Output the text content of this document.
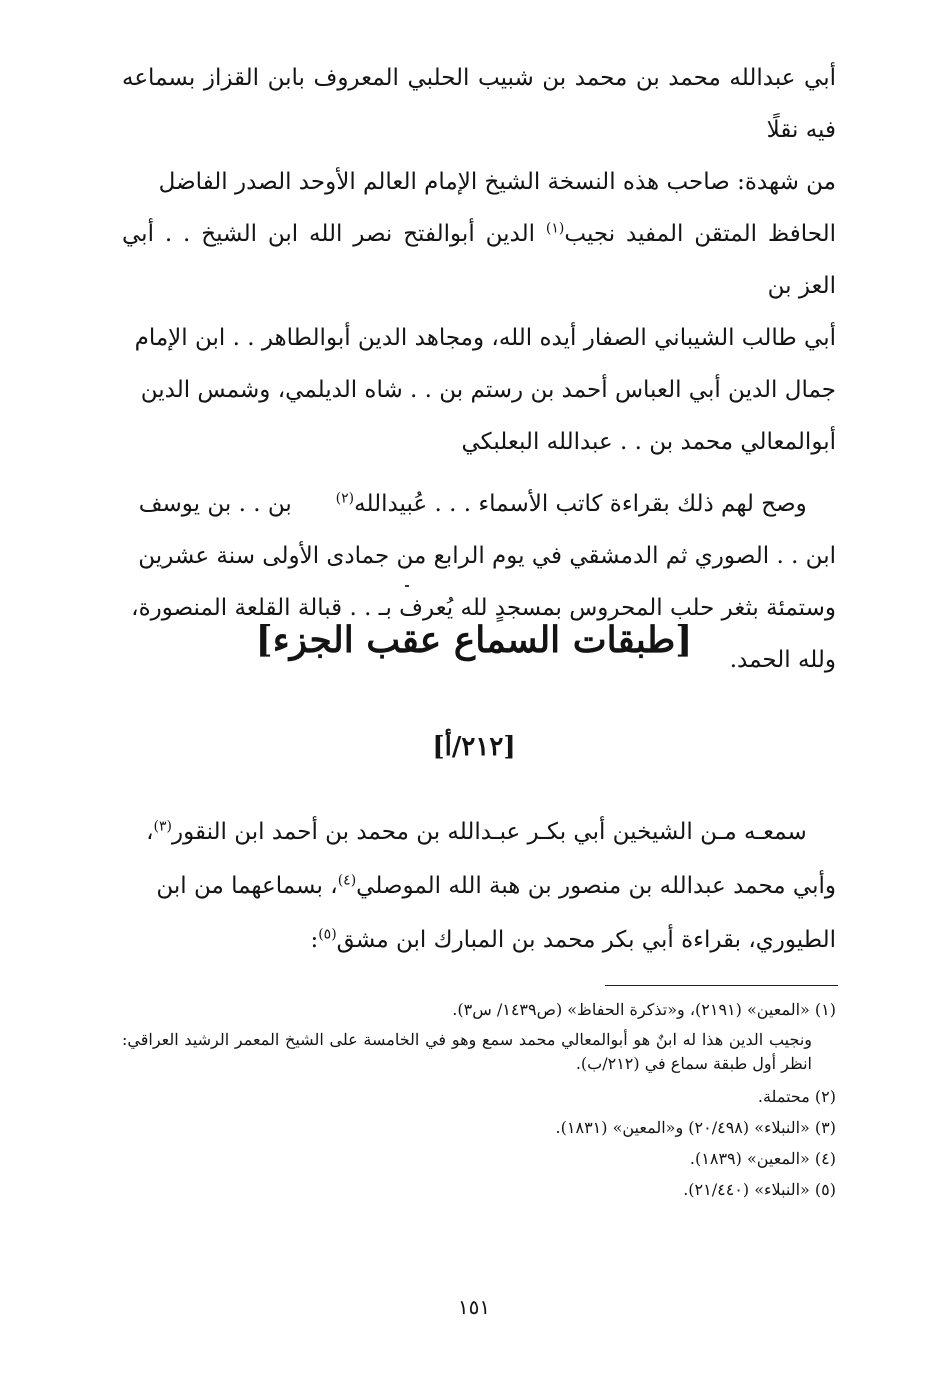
أبي عبدالله محمد بن محمد بن شبيب الحلبي المعروف بابن القزاز بسماعه فيه نقلًا

من شهدة: صاحب هذه النسخة الشيخ الإمام العالم الأوحد الصدر الفاضل

الحافظ المتقن المفيد نجيب$^{(١)}$ الدين أبوالفتح نصر الله ابن الشيخ . . أبي العز بن

أبي طالب الشيباني الصفار أيده الله، ومجاهد الدين أبوالطاهر . . ابن الإمام

جمال الدين أبي العباس أحمد بن رستم بن . . شاه الديلمي، وشمس الدين

أبوالمعالي محمد بن . . عبدالله البعلبكي

وصح لهم ذلك بقراءة كاتب الأسماء . . . عُبيدالله$^{(٢)}$      بن . . بن يوسف

ابن . . الصوري ثم الدمشقي في يوم الرابع من جمادى الأولى سنة عشرين

وستمئة بثغر حلب المحروس بمسجدٍ لله يُعرف بـ . . قبالة القلعة المنصورة،

ولله الحمد.

[طبقات السماع عقب الجزء]
[٢١٢/أ]

سمعـه مـن الشيخين أبي بكـر عبـدالله بن محمد بن أحمد ابن النقور$^{(٣)}$،

وأبي محمد عبدالله بن منصور بن هبة الله الموصلي$^{(٤)}$، بسماعهما من ابن

الطيوري، بقراءة أبي بكر محمد بن المبارك ابن مشق$^{(٥)}$:

(١) «المعين» (٢١٩١)، و«تذكرة الحفاظ» (ص١٤٣٩/ س٣).

ونجيب الدين هذا له ابنٌ هو أبوالمعالي محمد سمع وهو في الخامسة على الشيخ المعمر الرشيد العراقي: انظر أول طبقة سماع في (٢١٢/ب).

(٢) محتملة.

(٣) «النبلاء» (٢٠/٤٩٨) و«المعين» (١٨٣١).

(٤) «المعين» (١٨٣٩).

(٥) «النبلاء» (٢١/٤٤٠).

١٥١
